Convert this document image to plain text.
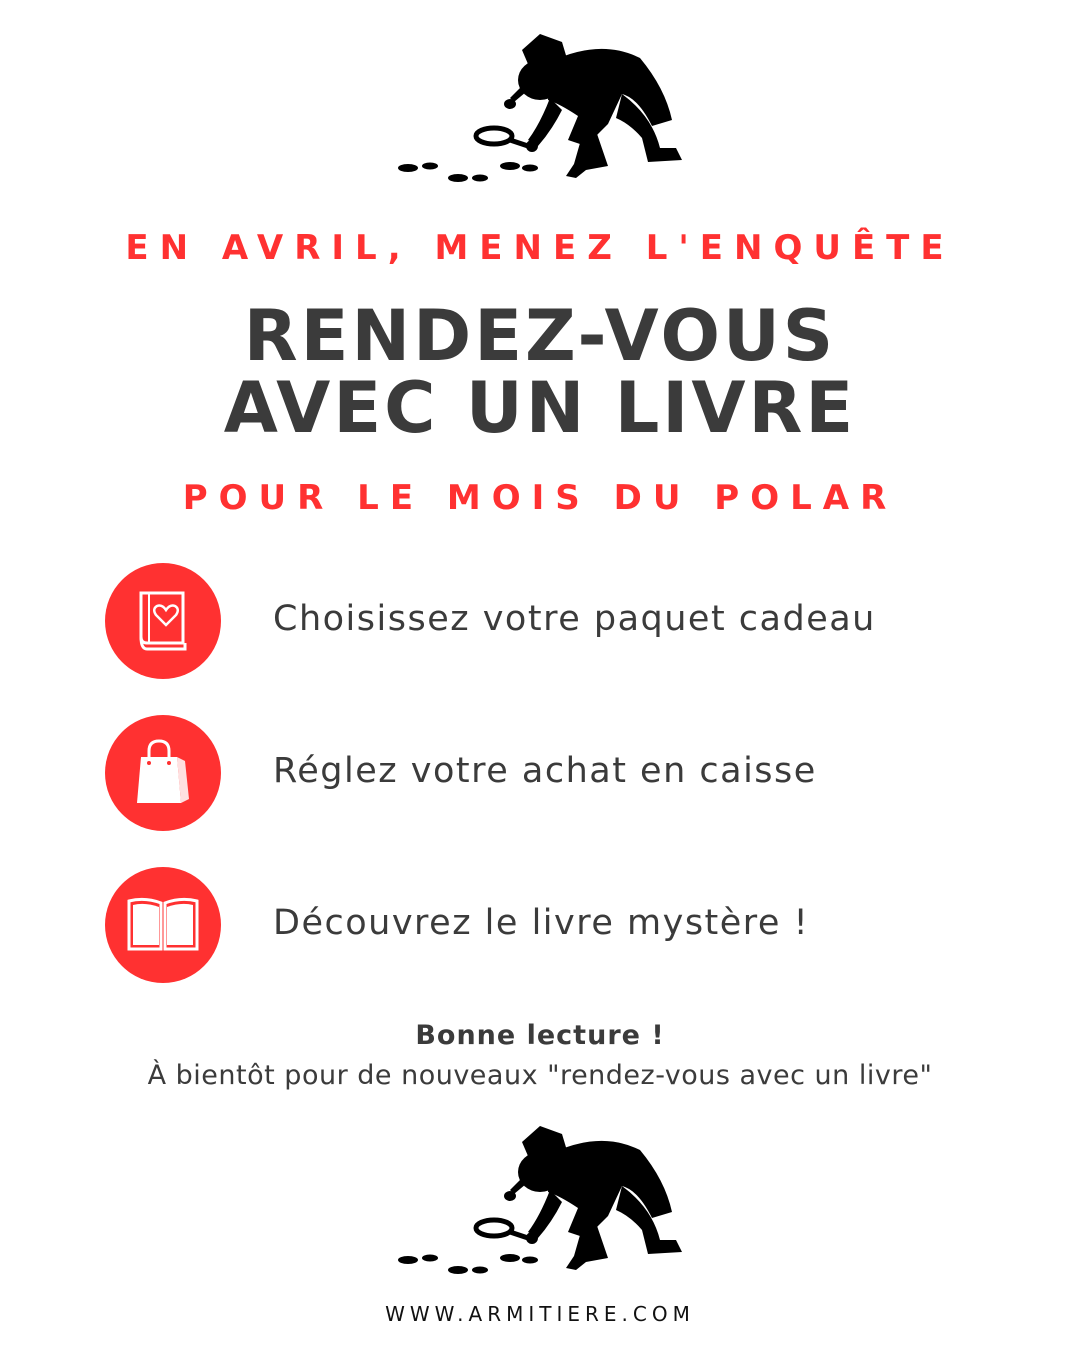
EN AVRIL, MENEZ L'ENQUÊTE
RENDEZ-VOUS
AVEC UN LIVRE
POUR LE MOIS DU POLAR
Choisissez votre paquet cadeau
Réglez votre achat en caisse
Découvrez le livre mystère !
Bonne lecture !
À bientôt pour de nouveaux "rendez-vous avec un livre"
WWW.ARMITIERE.COM
